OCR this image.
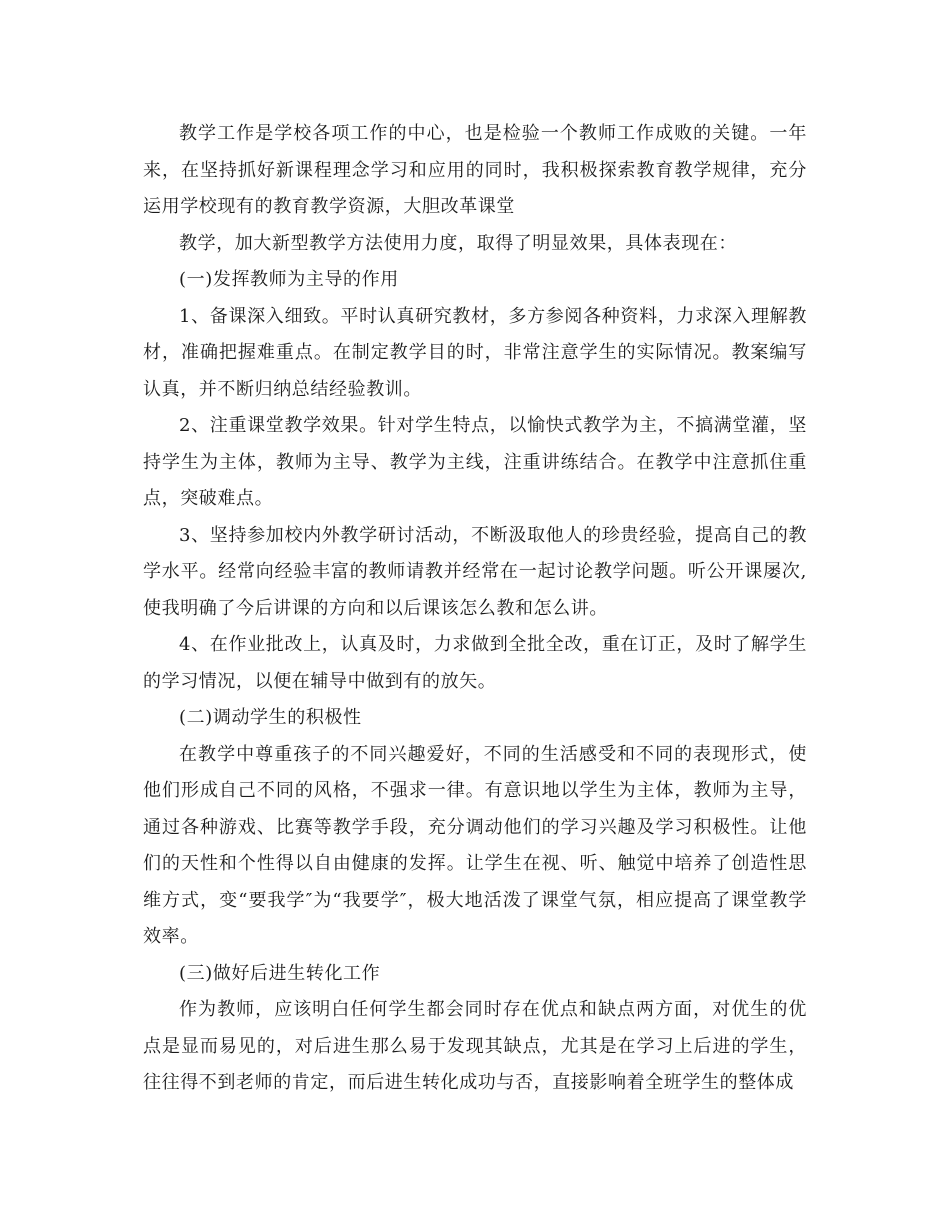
教学工作是学校各项工作的中心，也是检验一个教师工作成败的关键。一年来，在坚持抓好新课程理念学习和应用的同时，我积极探索教育教学规律，充分运用学校现有的教育教学资源，大胆改革课堂

教学，加大新型教学方法使用力度，取得了明显效果，具体表现在：

(一)发挥教师为主导的作用

1、备课深入细致。平时认真研究教材，多方参阅各种资料，力求深入理解教材，准确把握难重点。在制定教学目的时，非常注意学生的实际情况。教案编写认真，并不断归纳总结经验教训。

2、注重课堂教学效果。针对学生特点，以愉快式教学为主，不搞满堂灌，坚持学生为主体，教师为主导、教学为主线，注重讲练结合。在教学中注意抓住重点，突破难点。

3、坚持参加校内外教学研讨活动，不断汲取他人的珍贵经验，提高自己的教学水平。经常向经验丰富的教师请教并经常在一起讨论教学问题。听公开课屡次,使我明确了今后讲课的方向和以后课该怎么教和怎么讲。

4、在作业批改上，认真及时，力求做到全批全改，重在订正，及时了解学生的学习情况，以便在辅导中做到有的放矢。

(二)调动学生的积极性

在教学中尊重孩子的不同兴趣爱好，不同的生活感受和不同的表现形式，使他们形成自己不同的风格，不强求一律。有意识地以学生为主体，教师为主导，通过各种游戏、比赛等教学手段，充分调动他们的学习兴趣及学习积极性。让他们的天性和个性得以自由健康的发挥。让学生在视、听、触觉中培养了创造性思维方式，变“要我学″为“我要学″，极大地活泼了课堂气氛，相应提高了课堂教学效率。

(三)做好后进生转化工作

作为教师，应该明白任何学生都会同时存在优点和缺点两方面，对优生的优点是显而易见的，对后进生那么易于发现其缺点，尤其是在学习上后进的学生，往往得不到老师的肯定，而后进生转化成功与否，直接影响着全班学生的整体成
